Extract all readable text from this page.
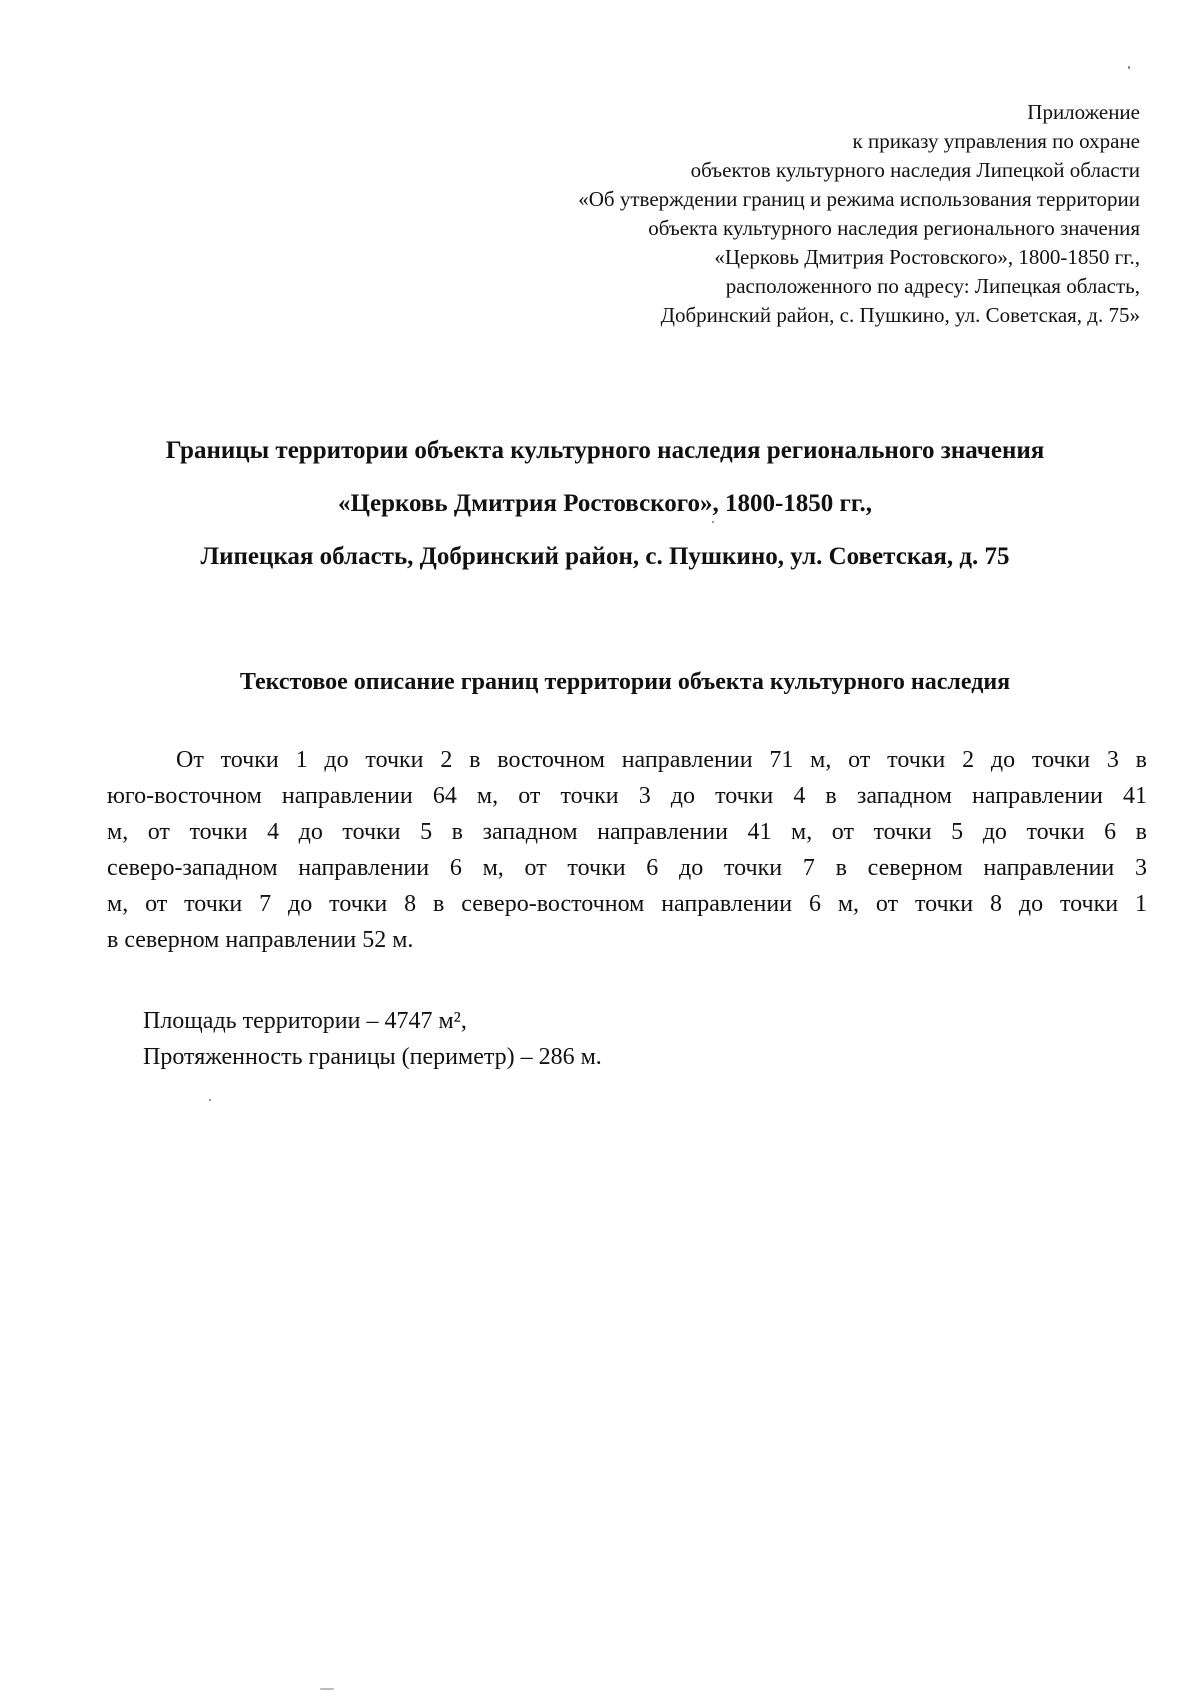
Приложение
к приказу управления по охране
объектов культурного наследия Липецкой области
«Об утверждении границ и режима использования территории
объекта культурного наследия регионального значения
«Церковь Дмитрия Ростовского», 1800-1850 гг.,
расположенного по адресу: Липецкая область,
Добринский район, с. Пушкино, ул. Советская, д. 75»
Границы территории объекта культурного наследия регионального значения
«Церковь Дмитрия Ростовского», 1800-1850 гг.,
Липецкая область, Добринский район, с. Пушкино, ул. Советская, д. 75
Текстовое описание границ территории объекта культурного наследия
От точки 1 до точки 2 в восточном направлении 71 м, от точки 2 до точки 3 в
юго-восточном направлении 64 м, от точки 3 до точки 4 в западном направлении 41
м, от точки 4 до точки 5 в западном направлении 41 м, от точки 5 до точки 6 в
северо-западном направлении 6 м, от точки 6 до точки 7 в северном направлении 3
м, от точки 7 до точки 8 в северо-восточном направлении 6 м, от точки 8 до точки 1
в северном направлении 52 м.
Площадь территории – 4747 м²,
Протяженность границы (периметр) – 286 м.
